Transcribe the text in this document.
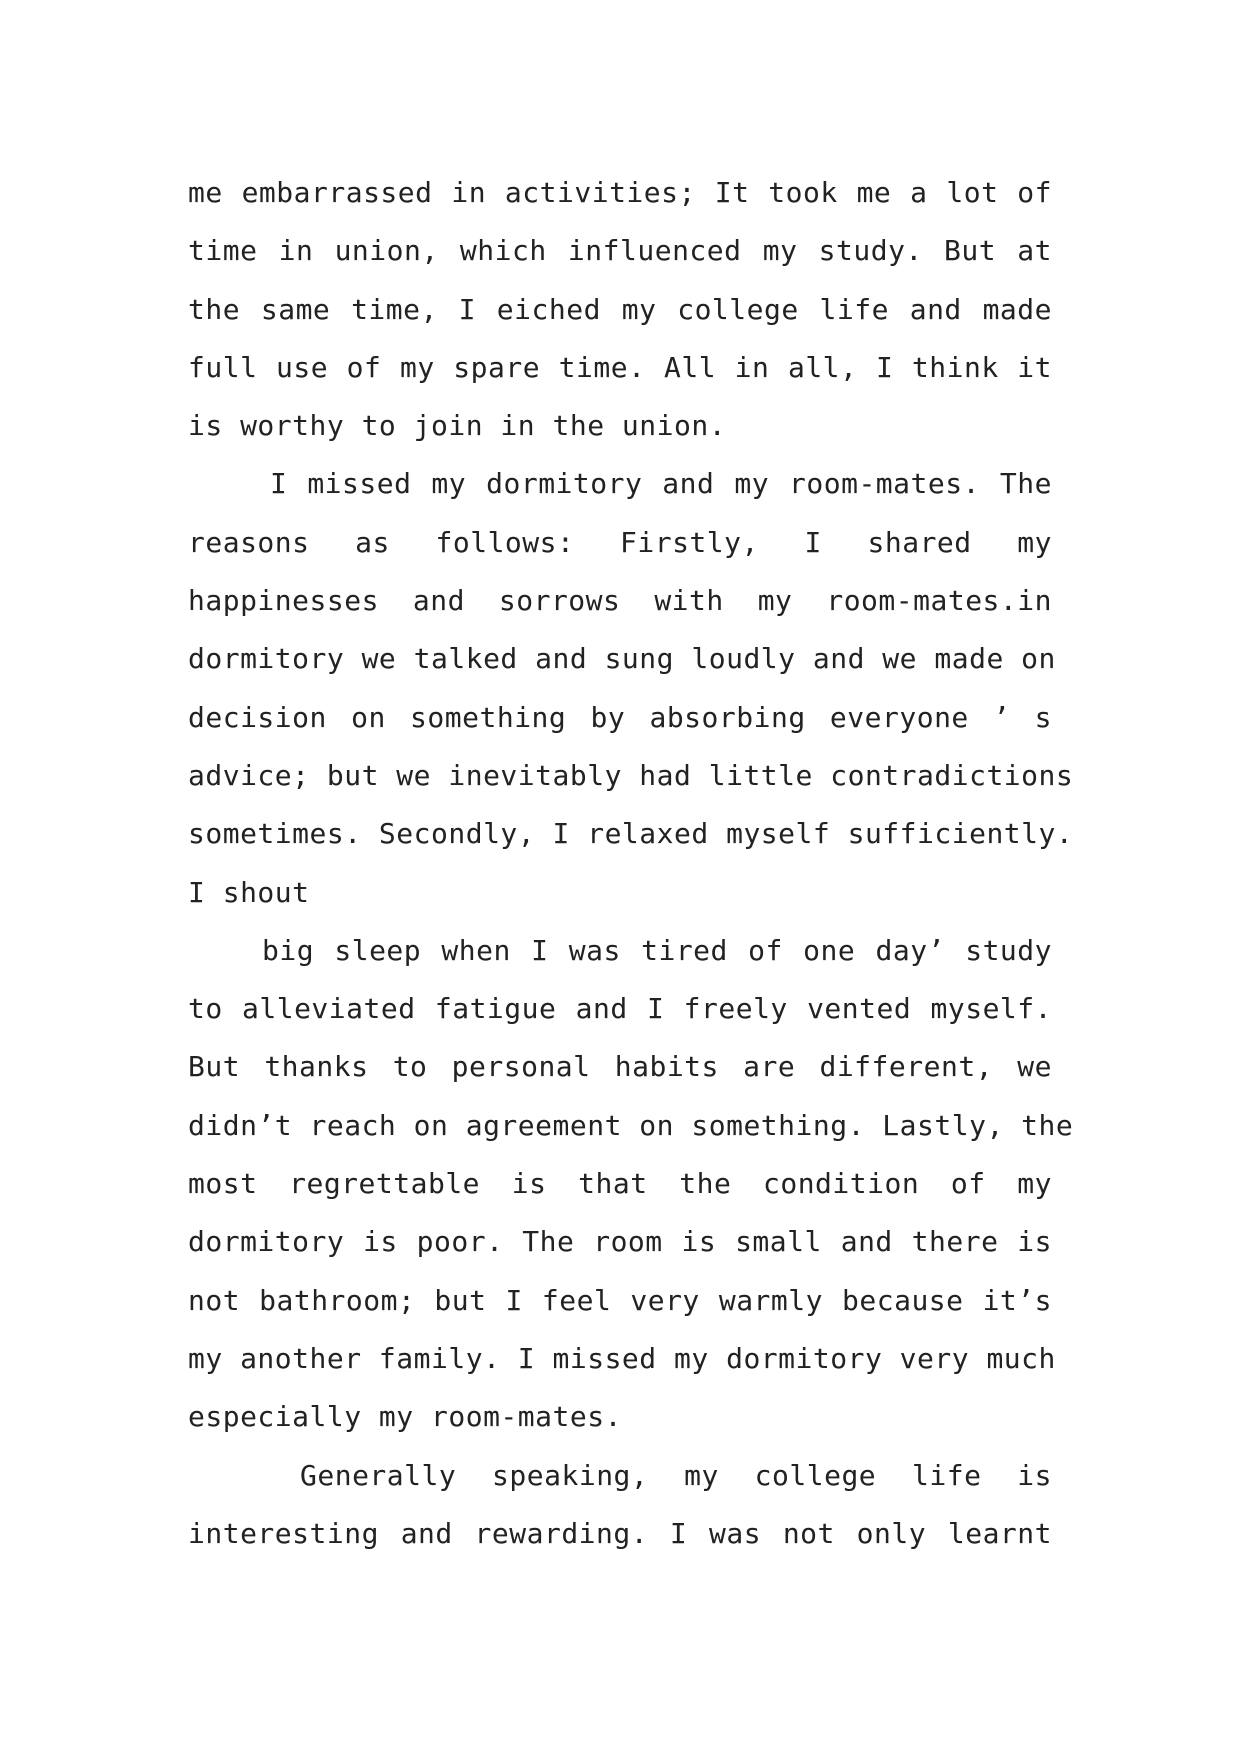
me embarrassed in activities; It took me a lot of
time in union, which influenced my study. But at
the same time, I eiched my college life and made
full use of my spare time. All in all, I think it
is worthy to join in the union.
I missed my dormitory and my room-mates. The
reasons as follows: Firstly, I shared my
happinesses and sorrows with my room-mates.in
dormitory we talked and sung loudly and we made on
decision on something by absorbing everyone ’ s
advice; but we inevitably had little contradictions
sometimes. Secondly, I relaxed myself sufficiently.
I shout
big sleep when I was tired of one day’ study
to alleviated fatigue and I freely vented myself.
But thanks to personal habits are different, we
didn’t reach on agreement on something. Lastly, the
most regrettable is that the condition of my
dormitory is poor. The room is small and there is
not bathroom; but I feel very warmly because it’s
my another family. I missed my dormitory very much
especially my room-mates.
Generally speaking, my college life is
interesting and rewarding. I was not only learnt
